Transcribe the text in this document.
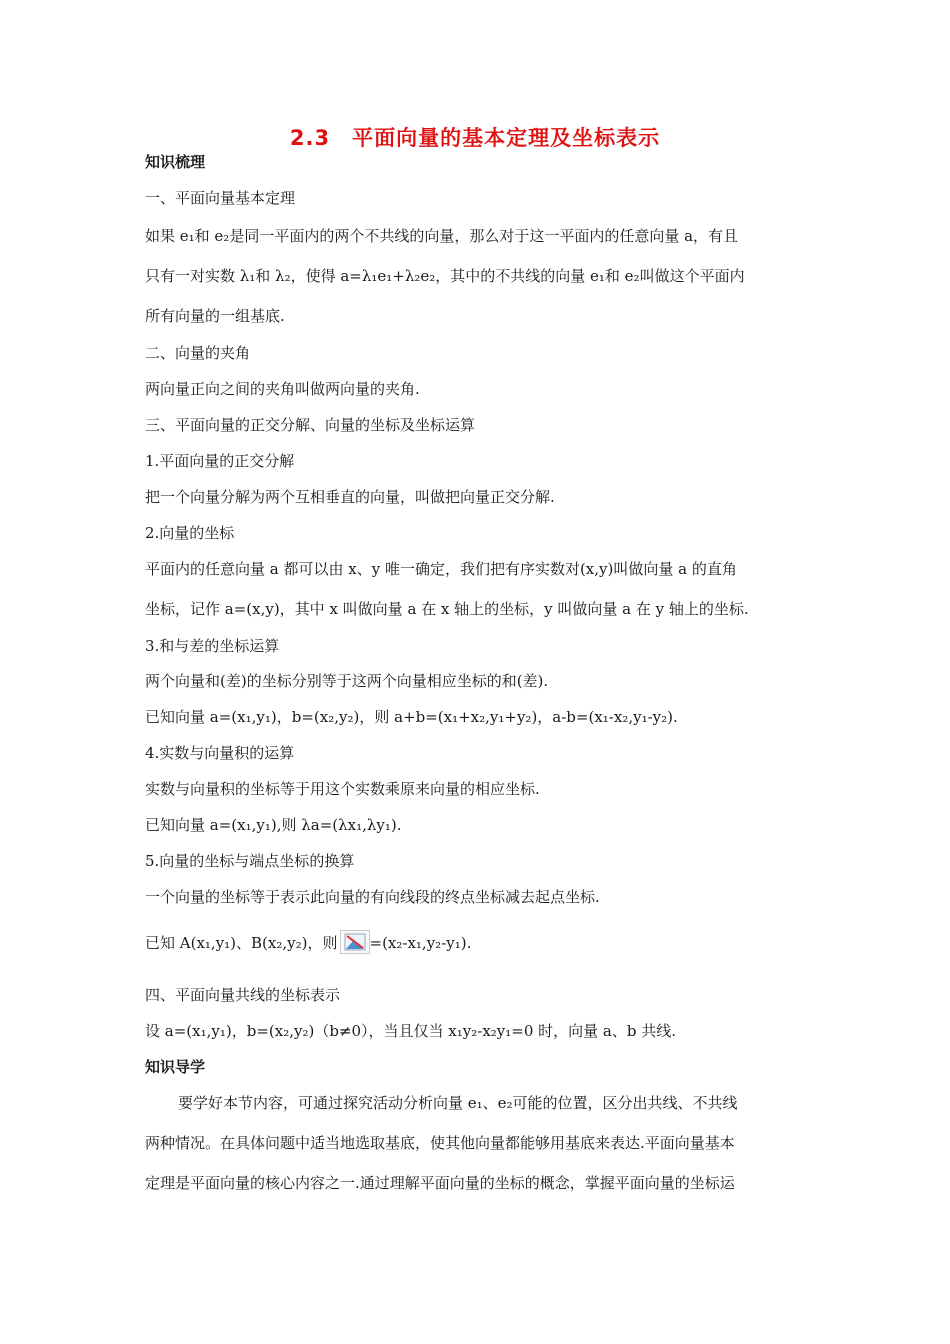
2.3　平面向量的基本定理及坐标表示
知识梳理
一、平面向量基本定理
如果 e₁和 e₂是同一平面内的两个不共线的向量，那么对于这一平面内的任意向量 a，有且
只有一对实数 λ₁和 λ₂，使得 a=λ₁e₁+λ₂e₂，其中的不共线的向量 e₁和 e₂叫做这个平面内
所有向量的一组基底.
二、向量的夹角
两向量正向之间的夹角叫做两向量的夹角.
三、平面向量的正交分解、向量的坐标及坐标运算
1.平面向量的正交分解
把一个向量分解为两个互相垂直的向量，叫做把向量正交分解.
2.向量的坐标
平面内的任意向量 a 都可以由 x、y 唯一确定，我们把有序实数对(x,y)叫做向量 a 的直角
坐标，记作 a=(x,y)，其中 x 叫做向量 a 在 x 轴上的坐标，y 叫做向量 a 在 y 轴上的坐标.
3.和与差的坐标运算
两个向量和(差)的坐标分别等于这两个向量相应坐标的和(差).
已知向量 a=(x₁,y₁)，b=(x₂,y₂)，则 a+b=(x₁+x₂,y₁+y₂)，a-b=(x₁-x₂,y₁-y₂).
4.实数与向量积的运算
实数与向量积的坐标等于用这个实数乘原来向量的相应坐标.
已知向量 a=(x₁,y₁),则 λa=(λx₁,λy₁).
5.向量的坐标与端点坐标的换算
一个向量的坐标等于表示此向量的有向线段的终点坐标减去起点坐标.
已知 A(x₁,y₁)、B(x₂,y₂)，则 =(x₂-x₁,y₂-y₁).
四、平面向量共线的坐标表示
设 a=(x₁,y₁)，b=(x₂,y₂)（b≠0），当且仅当 x₁y₂-x₂y₁=0 时，向量 a、b 共线.
知识导学
要学好本节内容，可通过探究活动分析向量 e₁、e₂可能的位置，区分出共线、不共线
两种情况。在具体问题中适当地选取基底，使其他向量都能够用基底来表达.平面向量基本
定理是平面向量的核心内容之一.通过理解平面向量的坐标的概念，掌握平面向量的坐标运
